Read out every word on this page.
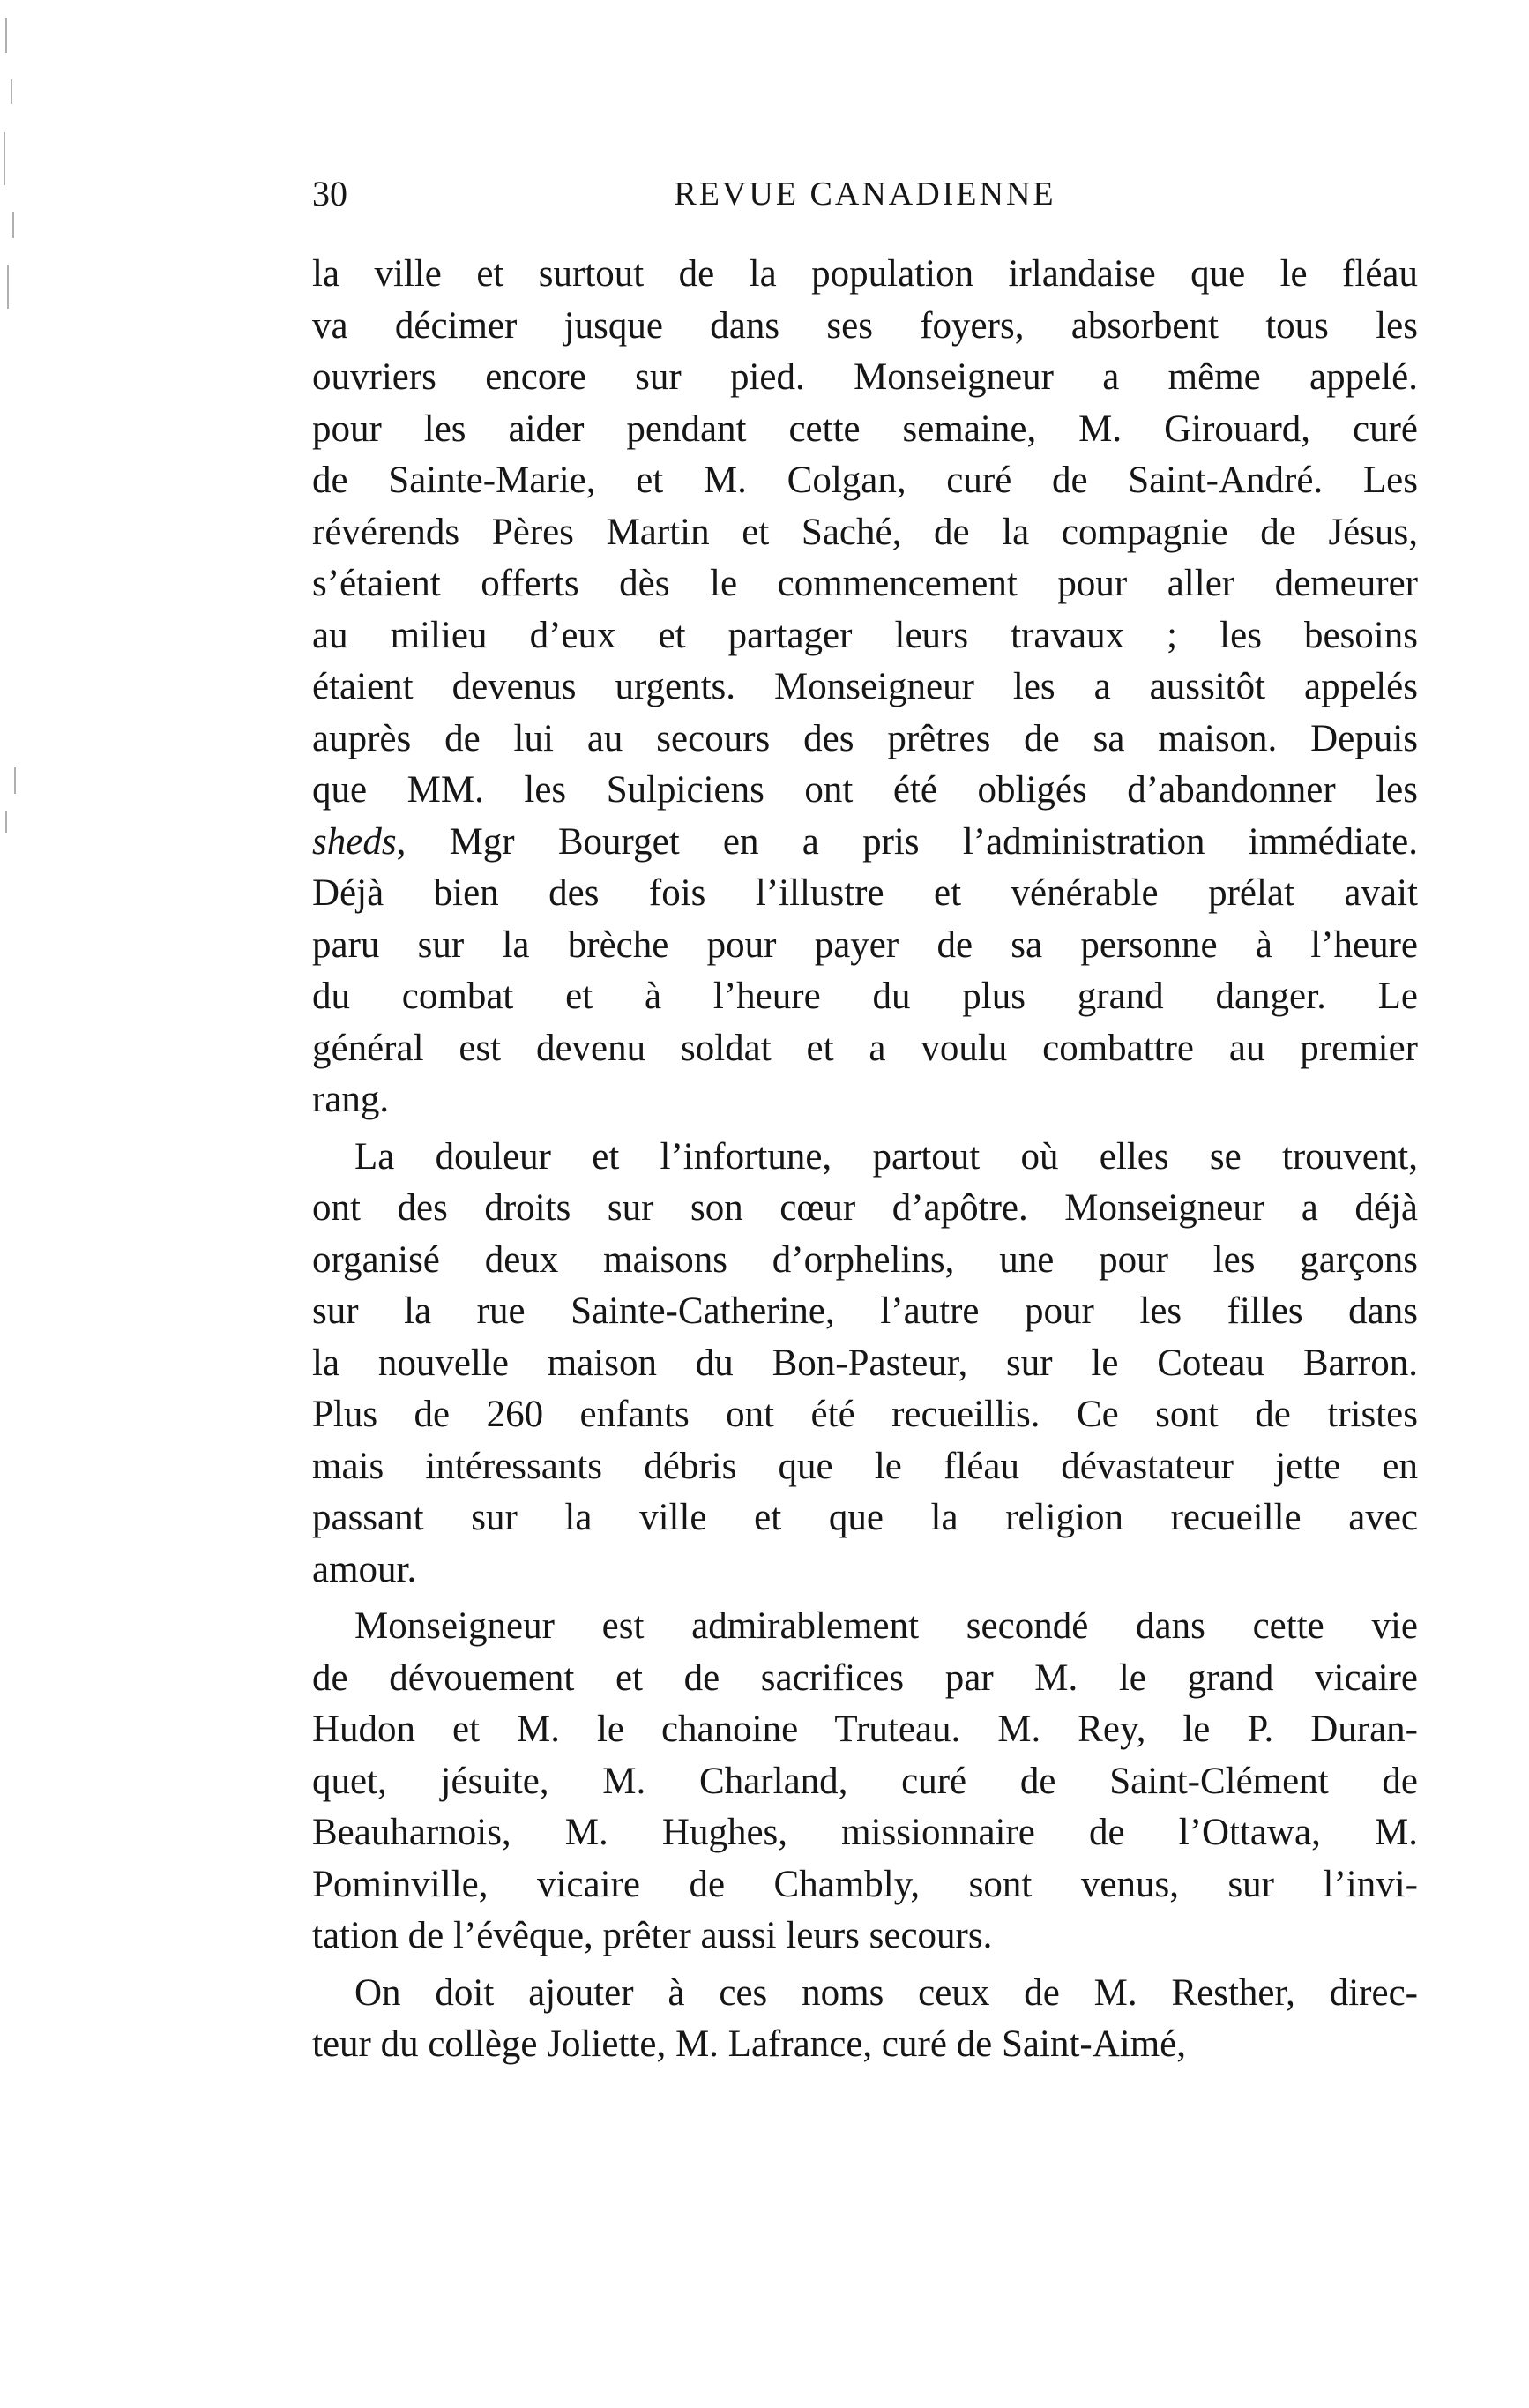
30	REVUE CANADIENNE
la ville et surtout de la population irlandaise que le fléau
va décimer jusque dans ses foyers, absorbent tous les
ouvriers encore sur pied. Monseigneur a même appelé.
pour les aider pendant cette semaine, M. Girouard, curé
de Sainte-Marie, et M. Colgan, curé de Saint-André. Les
révérends Pères Martin et Saché, de la compagnie de Jésus,
s’étaient offerts dès le commencement pour aller demeurer
au milieu d’eux et partager leurs travaux ; les besoins
étaient devenus urgents. Monseigneur les a aussitôt appelés
auprès de lui au secours des prêtres de sa maison. Depuis
que MM. les Sulpiciens ont été obligés d’abandonner les
sheds, Mgr Bourget en a pris l’administration immédiate.
Déjà bien des fois l’illustre et vénérable prélat avait
paru sur la brèche pour payer de sa personne à l’heure
du combat et à l’heure du plus grand danger. Le
général est devenu soldat et a voulu combattre au premier
rang.
La douleur et l’infortune, partout où elles se trouvent,
ont des droits sur son cœur d’apôtre. Monseigneur a déjà
organisé deux maisons d’orphelins, une pour les garçons
sur la rue Sainte-Catherine, l’autre pour les filles dans
la nouvelle maison du Bon-Pasteur, sur le Coteau Barron.
Plus de 260 enfants ont été recueillis. Ce sont de tristes
mais intéressants débris que le fléau dévastateur jette en
passant sur la ville et que la religion recueille avec
amour.
Monseigneur est admirablement secondé dans cette vie
de dévouement et de sacrifices par M. le grand vicaire
Hudon et M. le chanoine Truteau. M. Rey, le P. Duran-
quet, jésuite, M. Charland, curé de Saint-Clément de
Beauharnois, M. Hughes, missionnaire de l’Ottawa, M.
Pominville, vicaire de Chambly, sont venus, sur l’invi-
tation de l’évêque, prêter aussi leurs secours.
On doit ajouter à ces noms ceux de M. Resther, direc-
teur du collège Joliette, M. Lafrance, curé de Saint-Aimé,
